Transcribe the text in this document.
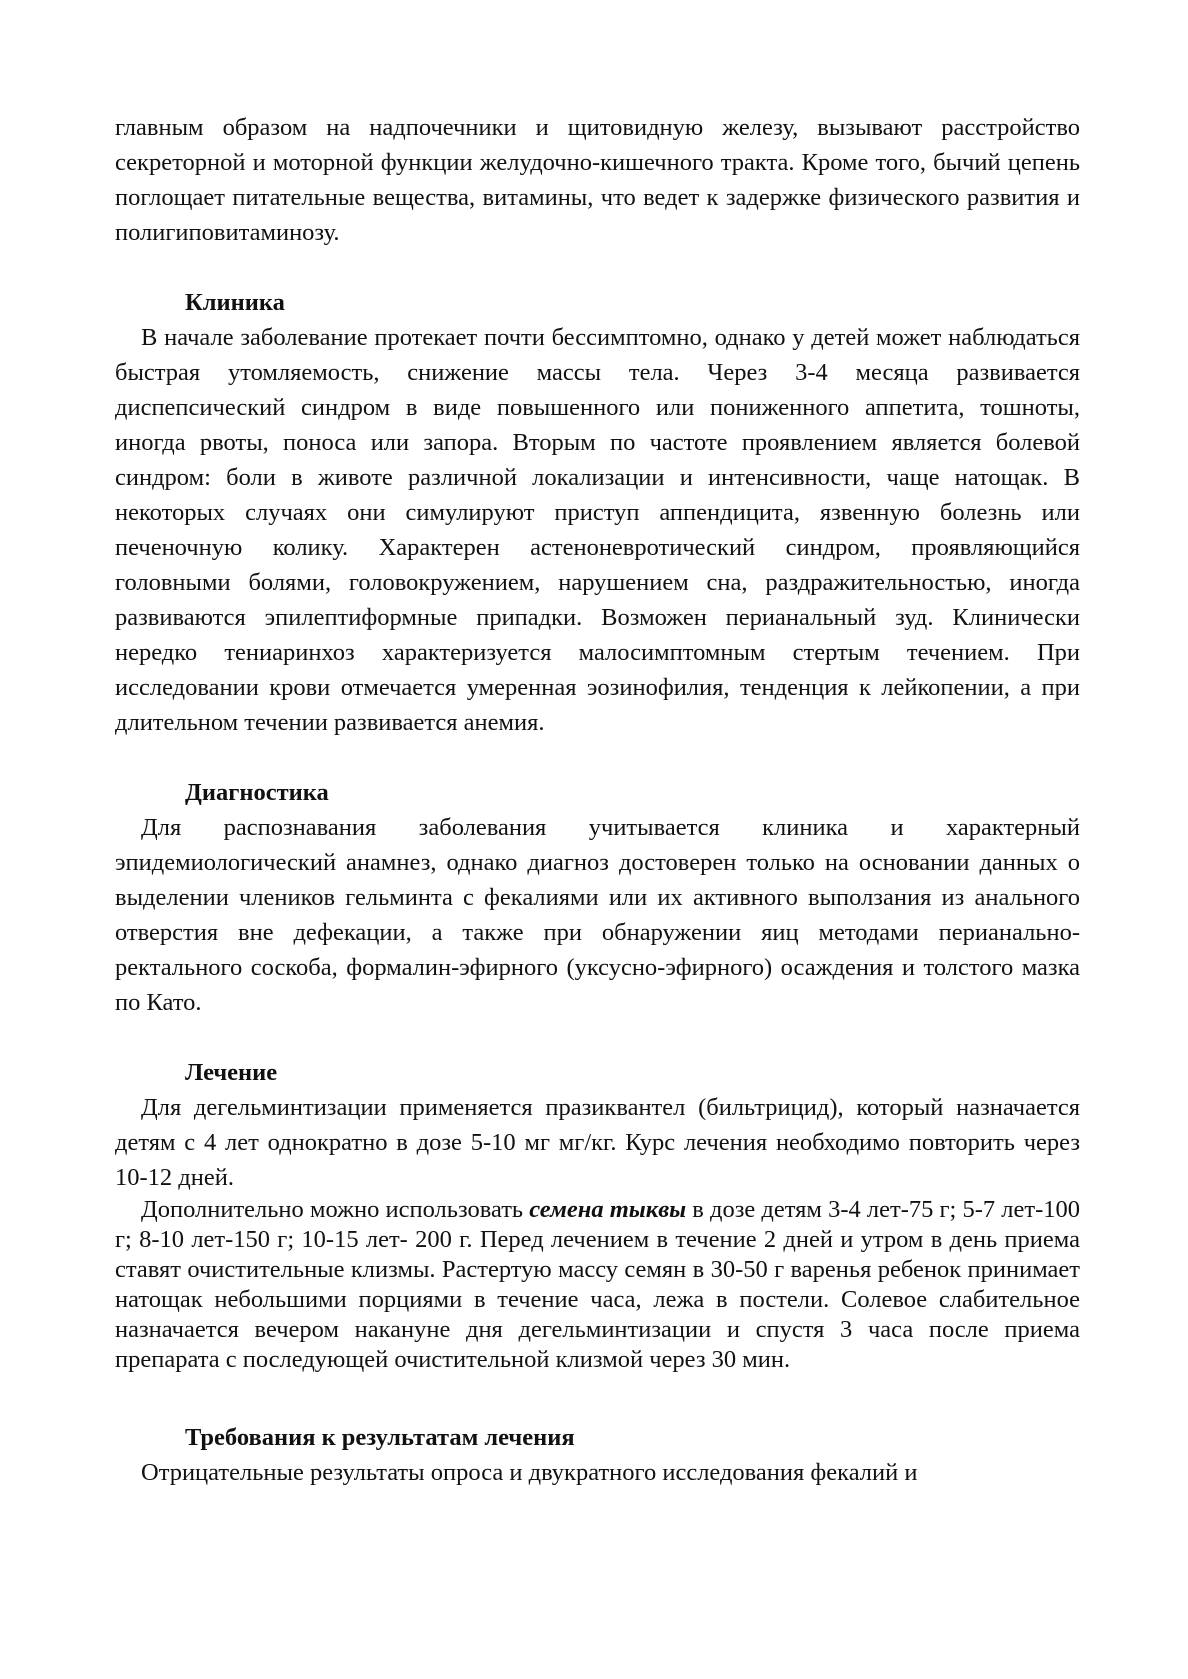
главным образом на надпочечники и щитовидную железу, вызывают расстройство секреторной и моторной функции желудочно-кишечного тракта. Кроме того, бычий цепень поглощает питательные вещества, витамины, что ведет к задержке физического развития и полигиповитаминозу.

Клиника

В начале заболевание протекает почти бессимптомно, однако у детей может наблюдаться быстрая утомляемость, снижение массы тела. Через 3-4 месяца развивается диспепсический синдром в виде повышенного или пониженного аппетита, тошноты, иногда рвоты, поноса или запора. Вторым по частоте проявлением является болевой синдром: боли в животе различной локализации и интенсивности, чаще натощак. В некоторых случаях они симулируют приступ аппендицита, язвенную болезнь или печеночную колику. Характерен астеноневротический синдром, проявляющийся головными болями, головокружением, нарушением сна, раздражительностью, иногда развиваются эпилептиформные припадки. Возможен перианальный зуд. Клинически нередко тениаринхоз характеризуется малосимптомным стертым течением. При исследовании крови отмечается умеренная эозинофилия, тенденция к лейкопении, а при длительном течении развивается анемия.

Диагностика

Для распознавания заболевания учитывается клиника и характерный эпидемиологический анамнез, однако диагноз достоверен только на основании данных о выделении члеников гельминта с фекалиями или их активного выползания из анального отверстия вне дефекации, а также при обнаружении яиц методами перианально-ректального соскоба, формалин-эфирного (уксусно-эфирного) осаждения и толстого мазка по Като.

Лечение

Для дегельминтизации применяется празиквантел (бильтрицид), который назначается детям с 4 лет однократно в дозе 5-10 мг мг/кг. Курс лечения необходимо повторить через 10-12 дней.

Дополнительно можно использовать семена тыквы в дозе детям 3-4 лет-75 г; 5-7 лет-100 г; 8-10 лет-150 г; 10-15 лет- 200 г. Перед лечением в течение 2 дней и утром в день приема ставят очистительные клизмы. Растертую массу семян в 30-50 г варенья ребенок принимает натощак небольшими порциями в течение часа, лежа в постели. Солевое слабительное назначается вечером накануне дня дегельминтизации и спустя 3 часа после приема препарата с последующей очистительной клизмой через 30 мин.

Требования к результатам лечения

Отрицательные результаты опроса и двукратного исследования фекалий и
